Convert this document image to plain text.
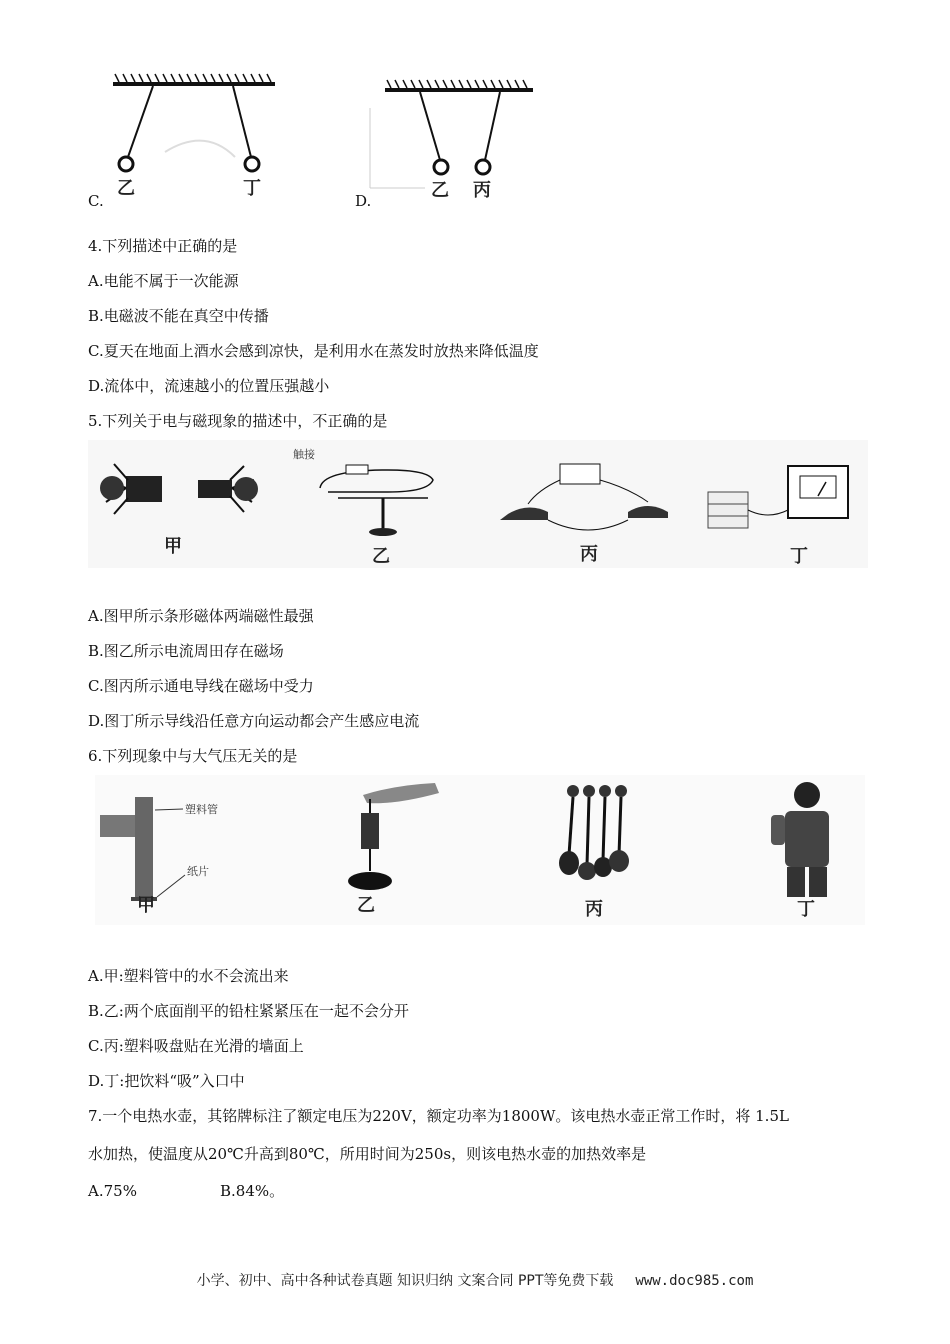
乙	丁
C.	乙 丙
D.
4.下列描述中正确的是
A.电能不属于一次能源
B.电磁波不能在真空中传播
C.夏天在地面上酒水会感到凉快，是利用水在蒸发时放热来降低温度
D.流体中，流速越小的位置压强越小
5.下列关于电与磁现象的描述中，不正确的是
甲
触接
乙	丙	丁
A.图甲所示条形磁体两端磁性最强
B.图乙所示电流周田存在磁场
C.图丙所示通电导线在磁场中受力
D.图丁所示导线沿任意方向运动都会产生感应电流
6.下列现象中与大气压无关的是
塑料管
纸片
甲	乙	丙	丁
A.甲:塑料管中的水不会流出来
B.乙:两个底面削平的铅柱紧紧压在一起不会分开
C.丙:塑料吸盘贴在光滑的墙面上
D.丁:把饮料“吸”入口中
7.一个电热水壶，其铭牌标注了额定电压为220V，额定功率为1800W。该电热水壶正常工作时，将 1.5L
水加热，使温度从20℃升高到80℃，所用时间为250s，则该电热水壶的加热效率是
A.75%	B.84%。
小学、初中、高中各种试卷真题 知识归纳 文案合同 PPT等免费下载 www.doc985.com
